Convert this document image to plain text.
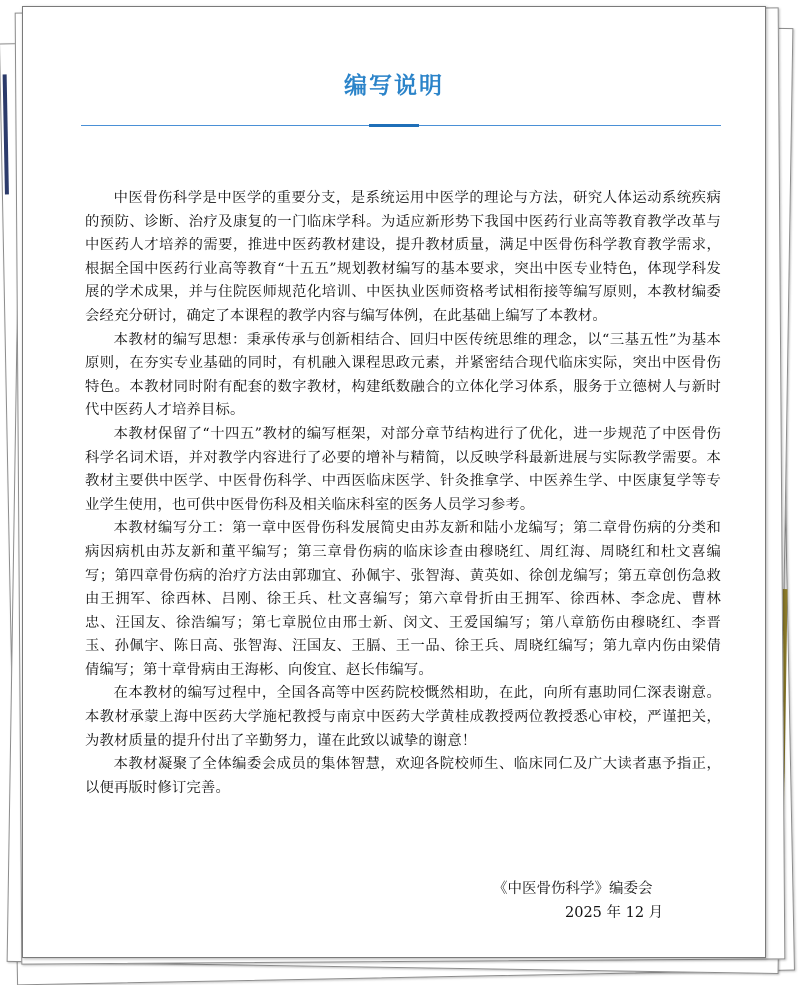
编写说明

中医骨伤科学是中医学的重要分支，是系统运用中医学的理论与方法，研究人体运动系统疾病的预防、诊断、治疗及康复的一门临床学科。为适应新形势下我国中医药行业高等教育教学改革与中医药人才培养的需要，推进中医药教材建设，提升教材质量，满足中医骨伤科学教育教学需求，根据全国中医药行业高等教育“十五五”规划教材编写的基本要求，突出中医专业特色，体现学科发展的学术成果，并与住院医师规范化培训、中医执业医师资格考试相衔接等编写原则，本教材编委会经充分研讨，确定了本课程的教学内容与编写体例，在此基础上编写了本教材。

本教材的编写思想：秉承传承与创新相结合、回归中医传统思维的理念，以“三基五性”为基本原则，在夯实专业基础的同时，有机融入课程思政元素，并紧密结合现代临床实际，突出中医骨伤特色。本教材同时附有配套的数字教材，构建纸数融合的立体化学习体系，服务于立德树人与新时代中医药人才培养目标。

本教材保留了“十四五”教材的编写框架，对部分章节结构进行了优化，进一步规范了中医骨伤科学名词术语，并对教学内容进行了必要的增补与精简，以反映学科最新进展与实际教学需要。本教材主要供中医学、中医骨伤科学、中西医临床医学、针灸推拿学、中医养生学、中医康复学等专业学生使用，也可供中医骨伤科及相关临床科室的医务人员学习参考。

本教材编写分工：第一章中医骨伤科发展简史由苏友新和陆小龙编写；第二章骨伤病的分类和病因病机由苏友新和董平编写；第三章骨伤病的临床诊查由穆晓红、周红海、周晓红和杜文喜编写；第四章骨伤病的治疗方法由郭珈宜、孙佩宇、张智海、黄英如、徐创龙编写；第五章创伤急救由王拥军、徐西林、吕刚、徐王兵、杜文喜编写；第六章骨折由王拥军、徐西林、李念虎、曹林忠、汪国友、徐浩编写；第七章脱位由邢士新、闵文、王爱国编写；第八章筋伤由穆晓红、李晋玉、孙佩宇、陈日高、张智海、汪国友、王膈、王一品、徐王兵、周晓红编写；第九章内伤由梁倩倩编写；第十章骨病由王海彬、向俊宜、赵长伟编写。

在本教材的编写过程中，全国各高等中医药院校慨然相助，在此，向所有惠助同仁深表谢意。本教材承蒙上海中医药大学施杞教授与南京中医药大学黄桂成教授两位教授悉心审校，严谨把关，为教材质量的提升付出了辛勤努力，谨在此致以诚挚的谢意！

本教材凝聚了全体编委会成员的集体智慧，欢迎各院校师生、临床同仁及广大读者惠予指正，以便再版时修订完善。

《中医骨伤科学》编委会
2025 年 12 月
